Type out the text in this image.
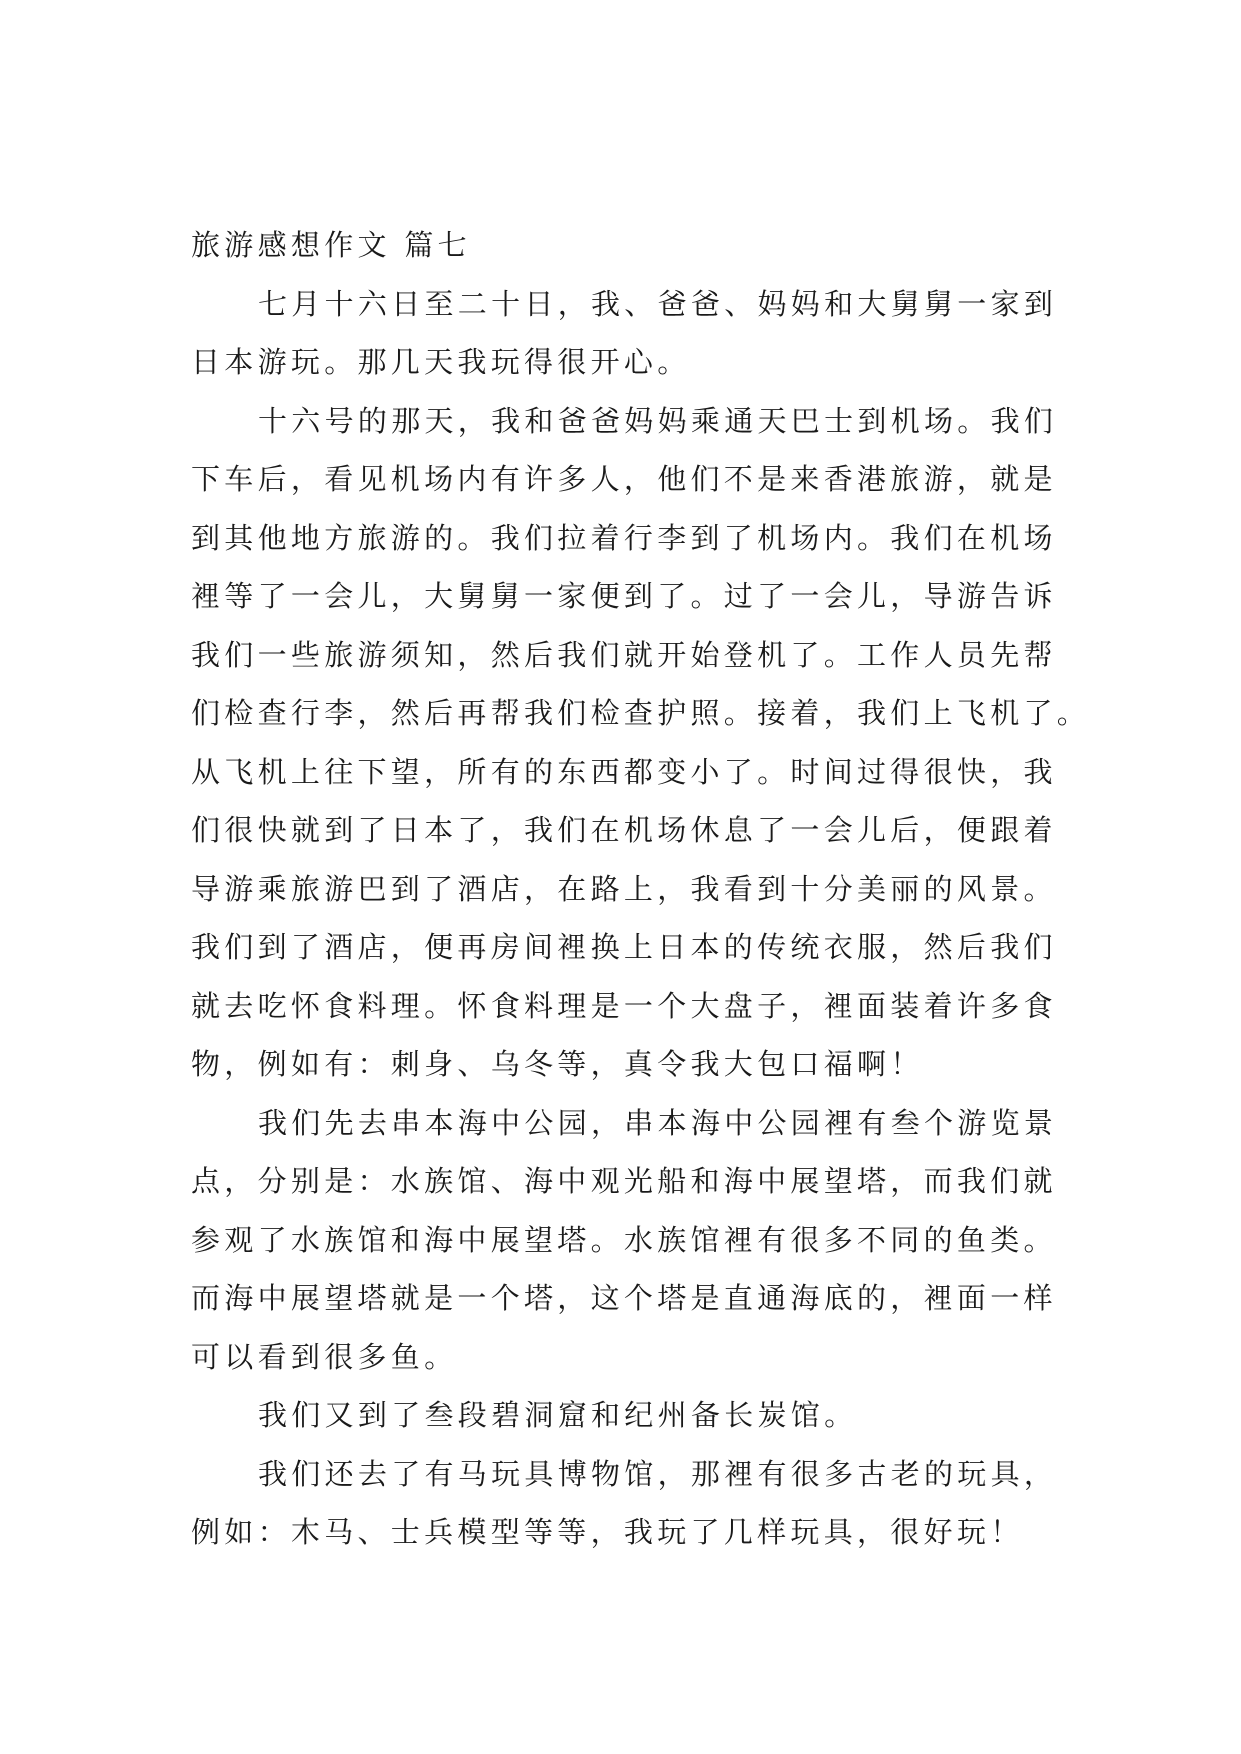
旅游感想作文 篇七
七月十六日至二十日，我、爸爸、妈妈和大舅舅一家到
日本游玩。那几天我玩得很开心。
十六号的那天，我和爸爸妈妈乘通天巴士到机场。我们
下车后，看见机场内有许多人，他们不是来香港旅游，就是
到其他地方旅游的。我们拉着行李到了机场内。我们在机场
裡等了一会儿，大舅舅一家便到了。过了一会儿，导游告诉
我们一些旅游须知，然后我们就开始登机了。工作人员先帮
们检查行李，然后再帮我们检查护照。接着，我们上飞机了。
从飞机上往下望，所有的东西都变小了。时间过得很快，我
们很快就到了日本了，我们在机场休息了一会儿后，便跟着
导游乘旅游巴到了酒店，在路上，我看到十分美丽的风景。
我们到了酒店，便再房间裡换上日本的传统衣服，然后我们
就去吃怀食料理。怀食料理是一个大盘子，裡面装着许多食
物，例如有：刺身、乌冬等，真令我大包口福啊！
我们先去串本海中公园，串本海中公园裡有叁个游览景
点，分别是：水族馆、海中观光船和海中展望塔，而我们就
参观了水族馆和海中展望塔。水族馆裡有很多不同的鱼类。
而海中展望塔就是一个塔，这个塔是直通海底的，裡面一样
可以看到很多鱼。
我们又到了叁段碧洞窟和纪州备长炭馆。
我们还去了有马玩具博物馆，那裡有很多古老的玩具，
例如：木马、士兵模型等等，我玩了几样玩具，很好玩！
